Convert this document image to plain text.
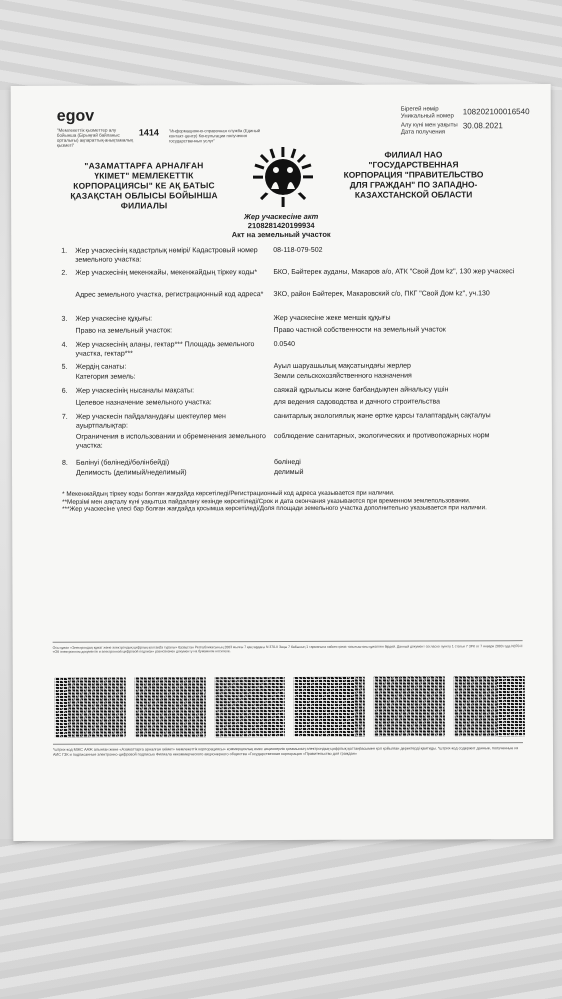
egov
"Мемлекеттік қызметтер алу бойынша (Бірыңғай байланыс орталығы) ақпараттық-анықтамалық қызметі"
1414 "Информационно-справочная служба (Единый контакт-центр) Консультации получения государственных услуг"
Бірегей нөмір
Уникальный номер
108202100016540
Алу күні мен уақыты
Дата получения
30.08.2021
"АЗАМАТТАРҒА АРНАЛҒАН ҮКІМЕТ" МЕМЛЕКЕТТІК КОРПОРАЦИЯСЫ" КЕ АҚ БАТЫС ҚАЗАҚСТАН ОБЛЫСЫ БОЙЫНША ФИЛИАЛЫ
ФИЛИАЛ НАО "ГОСУДАРСТВЕННАЯ КОРПОРАЦИЯ "ПРАВИТЕЛЬСТВО ДЛЯ ГРАЖДАН" ПО ЗАПАДНО-КАЗАХСТАНСКОЙ ОБЛАСТИ
Жер учаскесіне акт
2108281420199934
Акт на земельный участок
1.	Жер учаскесінің кадастрлық нөмірі/ Кадастровый номер земельного участка:
08-118-079-502
2.	Жер учаскесінің мекенжайы, мекенжайдың тіркеу коды*	БКО, Бәйтерек ауданы, Макаров а/о, АТК "Свой Дом kz", 130 жер учаскесі
Адрес земельного участка, регистрационный код адреса*	ЗКО, район Бәйтерек, Макаровский с/о, ПКГ "Свой Дом kz", уч.130
3.	Жер учаскесіне құқығы:	Жер учаскесіне жеке меншік құқығы
Право на земельный участок:	Право частной собственности на земельный участок
4.	Жер учаскесінің алаңы, гектар*** Площадь земельного участка, гектар***
0.0540
5.	Жердің санаты:	Ауыл шаруашылық мақсатындағы жерлер
Категория земель:	Земли сельскохозяйственного назначения
6.	Жер учаскесінің нысаналы мақсаты:	саяжай құрылысы және бағбандықпен айналысу үшін
Целевое назначение земельного участка:	для ведения садоводства и дачного строительства
7.	Жер учаскесін пайдаланудағы шектеулер мен ауыртпалықтар:
санитарлық экологиялық және өртке қарсы талаптардың сақталуы
Ограничения в использовании и обременения земельного участка:
соблюдение санитарных, экологических и противопожарных норм
8.	Бөлінуі (бөлінеді/бөлінбейді)	бөлінеді
Делимость (делимый/неделимый)	делимый
* Мекенжайдың тіркеу коды болған жағдайда көрсетіледі/Регистрационный код адреса указывается при наличии.
**Мерзімі мен аяқталу күні уақытша пайдалану кезінде көрсетіледі/Срок и дата окончания указываются при временном землепользовании.
***Жер учаскесіне үлесі бар болған жағдайда қосымша көрсетіледі/Доля площади земельного участка дополнительно указывается при наличии.
Осы құжат «Электрондық құжат және электрондық цифрлық қолтаңба туралы» Қазақстан Республикасының 2003 жылғы 7 қаңтардағы N 370-II Заңы 7 бабының 1 тармағына сәйкес қағаз тасығыштағы құжатпен бірдей. Данный документ согласно пункту 1 статьи 7 ЗРК от 7 января 2003 года N370-II «Об электронном документе и электронной цифровой подписи» равнозначен документу на бумажном носителе.
*штрих-код МЖС ААЖ алынған және «Азаматтарға арналған үкімет» мемлекеттік корпорациясы» коммерциялық емес акционерлік қоғамының электрондық-цифрлық қолтаңбасымен қол қойылған деректерді қамтиды. *штрих-код содержит данные, полученные из АИС ГЗК и подписанные электронно-цифровой подписью Филиала некоммерческого акционерного общества «Государственная корпорация «Правительство для граждан»
